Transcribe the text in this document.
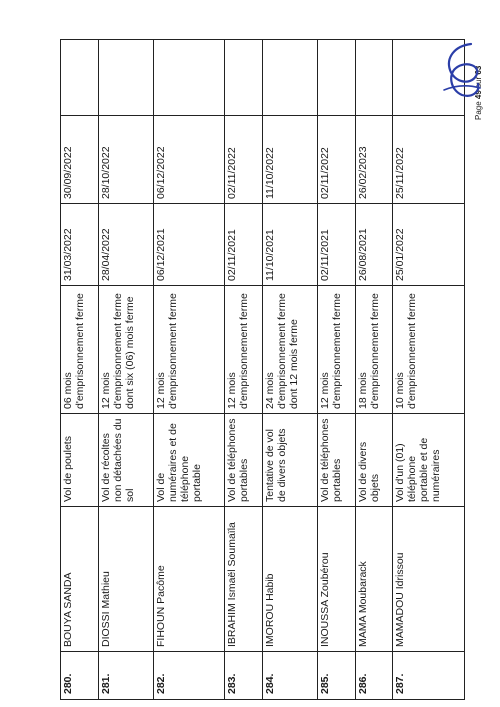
280.	BOUYA SANDA	Vol de poulets	06 mois d'emprisonnement ferme	31/03/2022	30/09/2022	
281.	DIOSSI Mathieu	Vol de récoltes non détachées du sol	12 mois d'emprisonnement ferme dont six (06) mois ferme	28/04/2022	28/10/2022	
282.	FIHOUN Pacôme	Vol de numéraires et de téléphone portable	12 mois d'emprisonnement ferme	06/12/2021	06/12/2022	
283.	IBRAHIM Ismaël Soumaïla	Vol de téléphones portables	12 mois d'emprisonnement ferme	02/11/2021	02/11/2022	
284.	IMOROU Habib	Tentative de vol de divers objets	24 mois d'emprisonnement ferme dont 12 mois ferme	11/10/2021	11/10/2022	
285.	INOUSSA Zoubérou	Vol de téléphones portables	12 mois d'emprisonnement ferme	02/11/2021	02/11/2022	
286.	MAMA Moubarack	Vol de divers objets	18 mois d'emprisonnement ferme	26/08/2021	26/02/2023	
287.	MAMADOU Idrissou	Vol d'un (01) téléphone portable et de numéraires	10 mois d'emprisonnement ferme	25/01/2022	25/11/2022	
Page 49 sur 63
